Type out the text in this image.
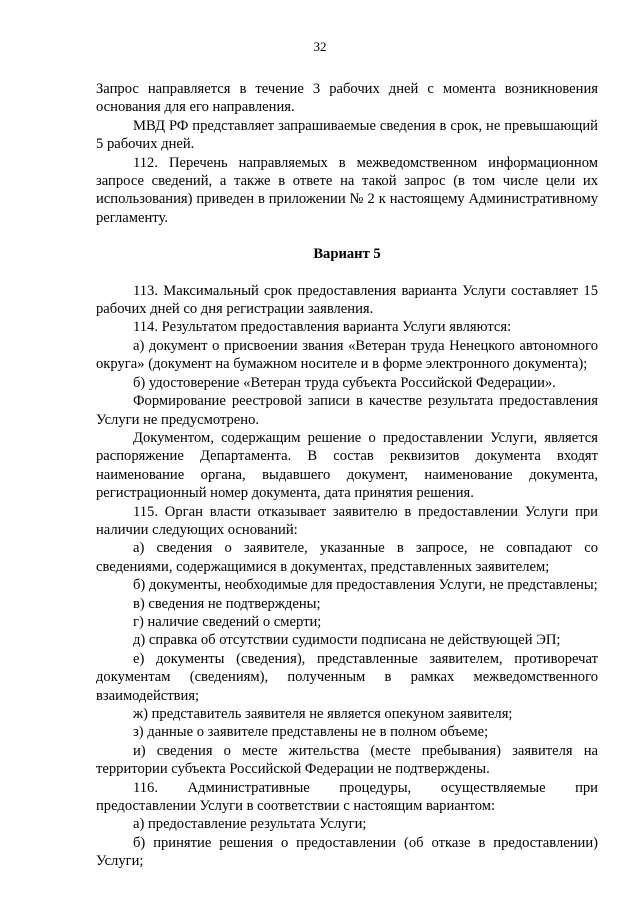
32

Запрос направляется в течение 3 рабочих дней с момента возникновения основания для его направления.

МВД РФ представляет запрашиваемые сведения в срок, не превышающий 5 рабочих дней.

112. Перечень направляемых в межведомственном информационном запросе сведений, а также в ответе на такой запрос (в том числе цели их использования) приведен в приложении № 2 к настоящему Административному регламенту.

Вариант 5

113. Максимальный срок предоставления варианта Услуги составляет 15 рабочих дней со дня регистрации заявления.

114. Результатом предоставления варианта Услуги являются:

а) документ о присвоении звания «Ветеран труда Ненецкого автономного округа» (документ на бумажном носителе и в форме электронного документа);

б) удостоверение «Ветеран труда субъекта Российской Федерации».

Формирование реестровой записи в качестве результата предоставления Услуги не предусмотрено.

Документом, содержащим решение о предоставлении Услуги, является распоряжение Департамента. В состав реквизитов документа входят наименование органа, выдавшего документ, наименование документа, регистрационный номер документа, дата принятия решения.

115. Орган власти отказывает заявителю в предоставлении Услуги при наличии следующих оснований:

а) сведения о заявителе, указанные в запросе, не совпадают со сведениями, содержащимися в документах, представленных заявителем;

б) документы, необходимые для предоставления Услуги, не представлены;

в) сведения не подтверждены;

г) наличие сведений о смерти;

д) справка об отсутствии судимости подписана не действующей ЭП;

е) документы (сведения), представленные заявителем, противоречат документам (сведениям), полученным в рамках межведомственного взаимодействия;

ж) представитель заявителя не является опекуном заявителя;

з) данные о заявителе представлены не в полном объеме;

и) сведения о месте жительства (месте пребывания) заявителя на территории субъекта Российской Федерации не подтверждены.

116. Административные процедуры, осуществляемые при предоставлении Услуги в соответствии с настоящим вариантом:

а) предоставление результата Услуги;

б) принятие решения о предоставлении (об отказе в предоставлении) Услуги;
